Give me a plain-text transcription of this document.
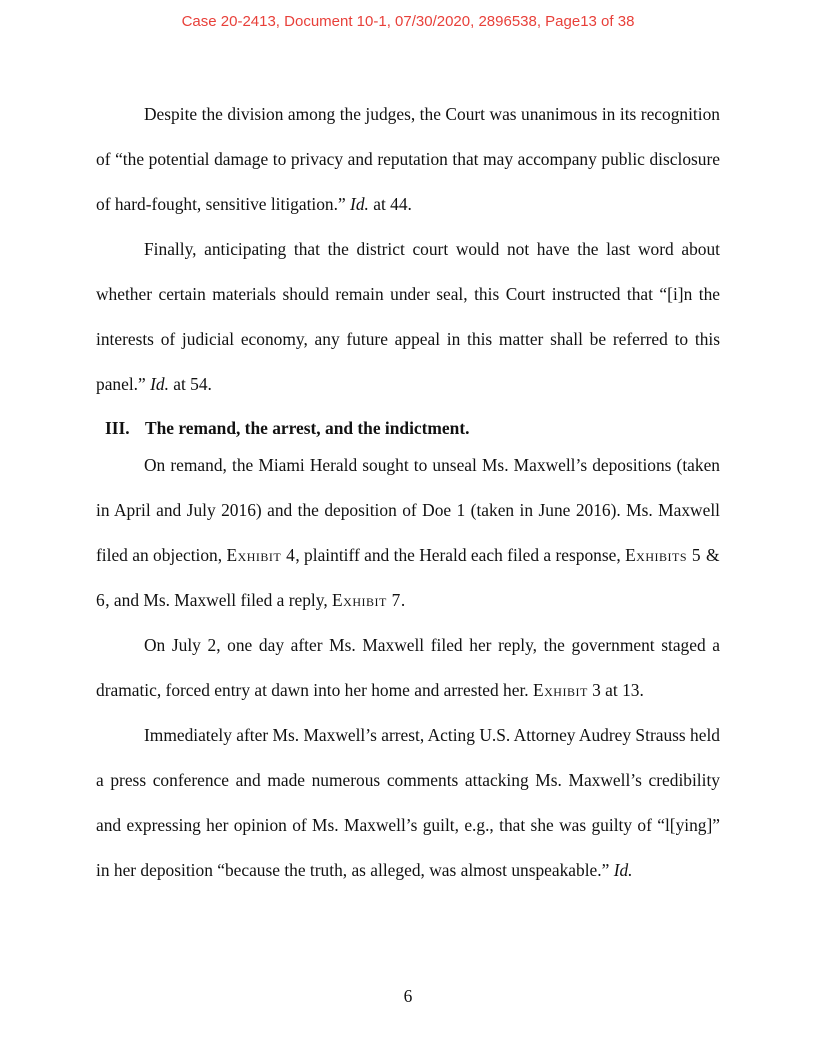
Case 20-2413, Document 10-1, 07/30/2020, 2896538, Page13 of 38

Despite the division among the judges, the Court was unanimous in its recognition of “the potential damage to privacy and reputation that may accompany public disclosure of hard-fought, sensitive litigation.” Id. at 44.

Finally, anticipating that the district court would not have the last word about whether certain materials should remain under seal, this Court instructed that “[i]n the interests of judicial economy, any future appeal in this matter shall be referred to this panel.” Id. at 54.

III. The remand, the arrest, and the indictment.

On remand, the Miami Herald sought to unseal Ms. Maxwell’s depositions (taken in April and July 2016) and the deposition of Doe 1 (taken in June 2016). Ms. Maxwell filed an objection, Exhibit 4, plaintiff and the Herald each filed a response, Exhibits 5 & 6, and Ms. Maxwell filed a reply, Exhibit 7.

On July 2, one day after Ms. Maxwell filed her reply, the government staged a dramatic, forced entry at dawn into her home and arrested her. Exhibit 3 at 13.

Immediately after Ms. Maxwell’s arrest, Acting U.S. Attorney Audrey Strauss held a press conference and made numerous comments attacking Ms. Maxwell’s credibility and expressing her opinion of Ms. Maxwell’s guilt, e.g., that she was guilty of “l[ying]” in her deposition “because the truth, as alleged, was almost unspeakable.” Id.

6
